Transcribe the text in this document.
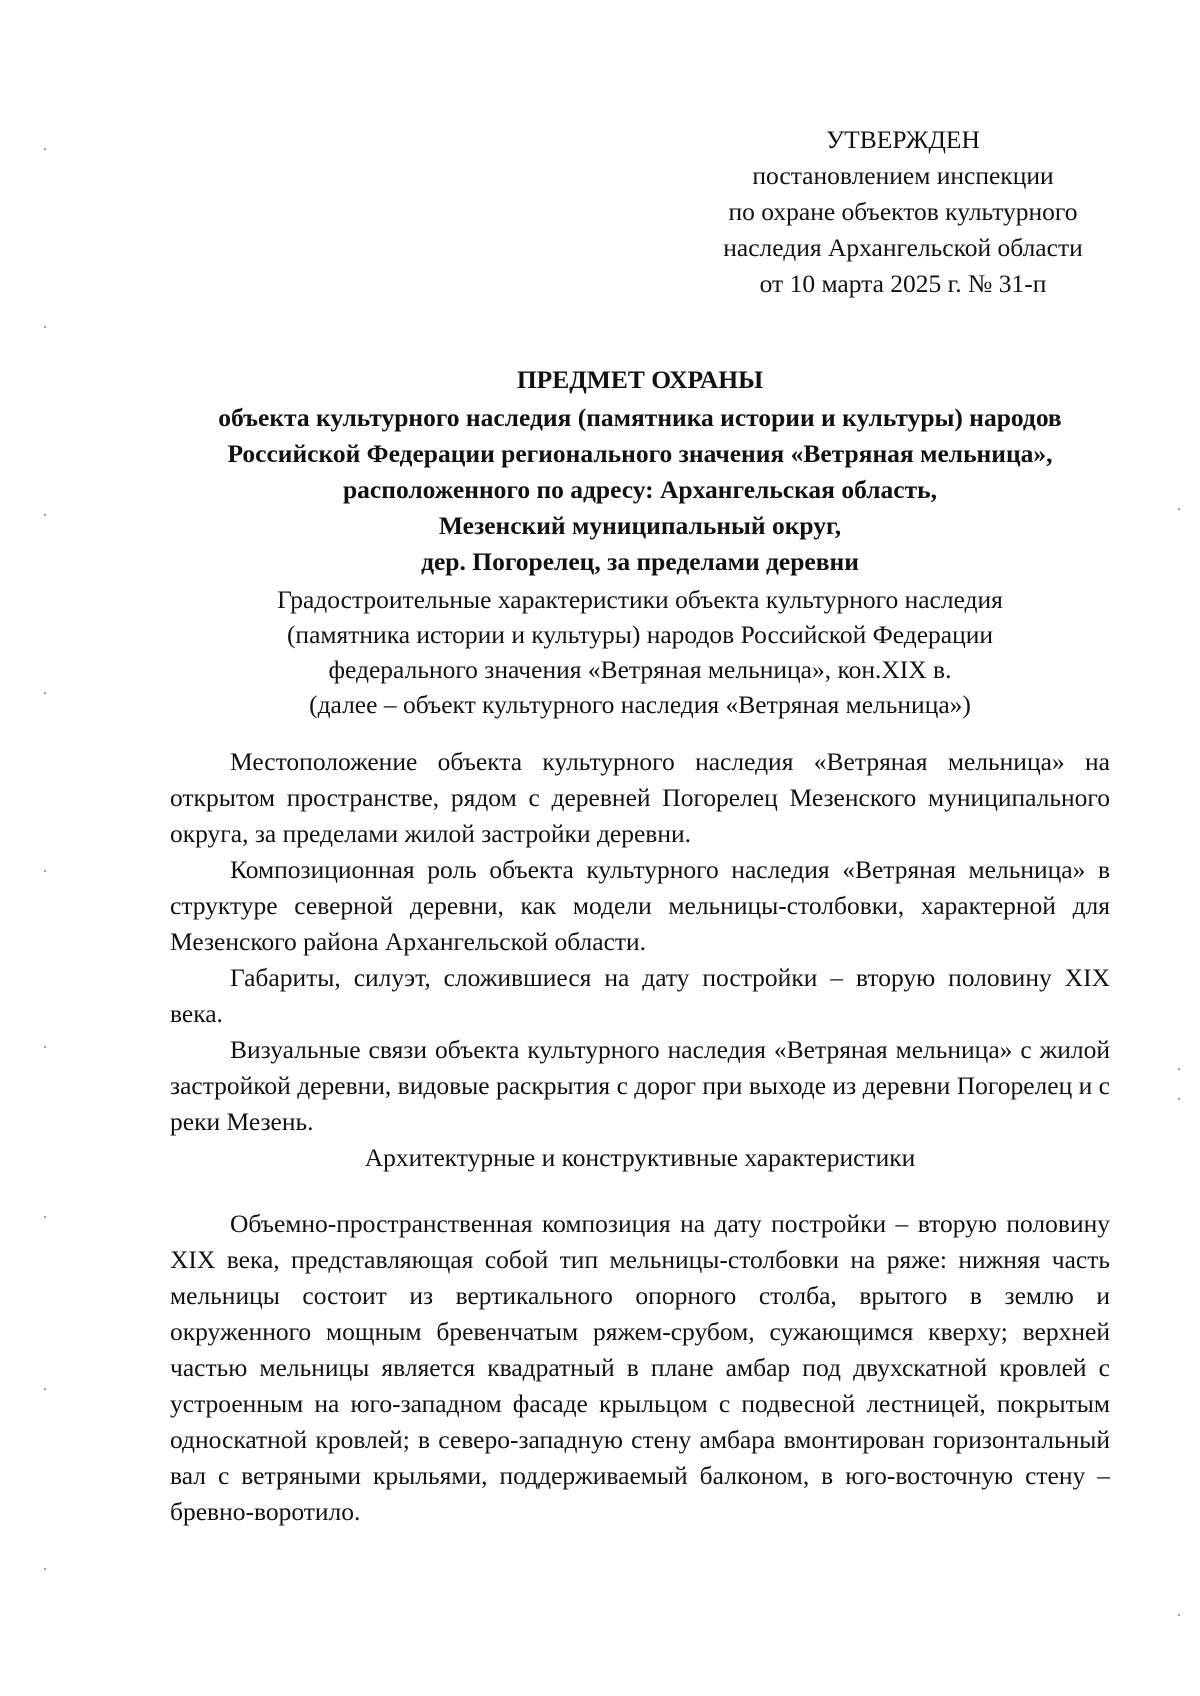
УТВЕРЖДЕН
постановлением инспекции
по охране объектов культурного
наследия Архангельской области
от 10 марта 2025 г. № 31-п
ПРЕДМЕТ ОХРАНЫ
объекта культурного наследия (памятника истории и культуры) народов
Российской Федерации регионального значения «Ветряная мельница»,
расположенного по адресу: Архангельская область,
Мезенский муниципальный округ,
дер. Погорелец, за пределами деревни
Градостроительные характеристики объекта культурного наследия
(памятника истории и культуры) народов Российской Федерации
федерального значения «Ветряная мельница», кон.XIX в.
(далее – объект культурного наследия «Ветряная мельница»)

Местоположение объекта культурного наследия «Ветряная мельница» на открытом пространстве, рядом с деревней Погорелец Мезенского муниципального округа, за пределами жилой застройки деревни.

Композиционная роль объекта культурного наследия «Ветряная мельница» в структуре северной деревни, как модели мельницы-столбовки, характерной для Мезенского района Архангельской области.

Габариты, силуэт, сложившиеся на дату постройки – вторую половину XIX века.

Визуальные связи объекта культурного наследия «Ветряная мельница» с жилой застройкой деревни, видовые раскрытия с дорог при выходе из деревни Погорелец и с реки Мезень.

Архитектурные и конструктивные характеристики

Объемно-пространственная композиция на дату постройки – вторую половину XIX века, представляющая собой тип мельницы-столбовки на ряже: нижняя часть мельницы состоит из вертикального опорного столба, врытого в землю и окруженного мощным бревенчатым ряжем-срубом, сужающимся кверху; верхней частью мельницы является квадратный в плане амбар под двухскатной кровлей с устроенным на юго-западном фасаде крыльцом с подвесной лестницей, покрытым односкатной кровлей; в северо-западную стену амбара вмонтирован горизонтальный вал с ветряными крыльями, поддерживаемый балконом, в юго-восточную стену – бревно-воротило.
